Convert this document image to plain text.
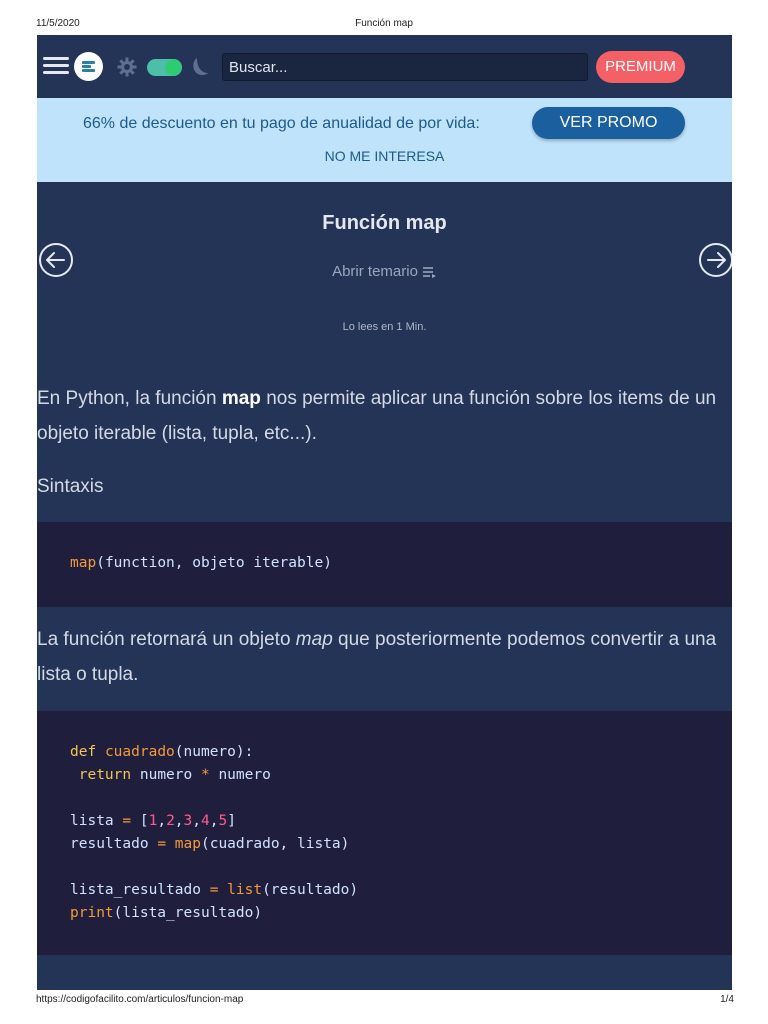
11/5/2020	Función map
Buscar...
PREMIUM
66% de descuento en tu pago de anualidad de por vida:	VER PROMO
NO ME INTERESA
Función map
Abrir temario
Lo lees en 1 Min.

En Python, la función map nos permite aplicar una función sobre los items de un objeto iterable (lista, tupla, etc...).

Sintaxis

map(function, objeto iterable)

La función retornará un objeto map que posteriormente podemos convertir a una lista o tupla.

def cuadrado(numero):
return numero * numero
lista = [1,2,3,4,5]
resultado = map(cuadrado, lista)
lista_resultado = list(resultado)
print(lista_resultado)
https://codigofacilito.com/articulos/funcion-map	1/4
